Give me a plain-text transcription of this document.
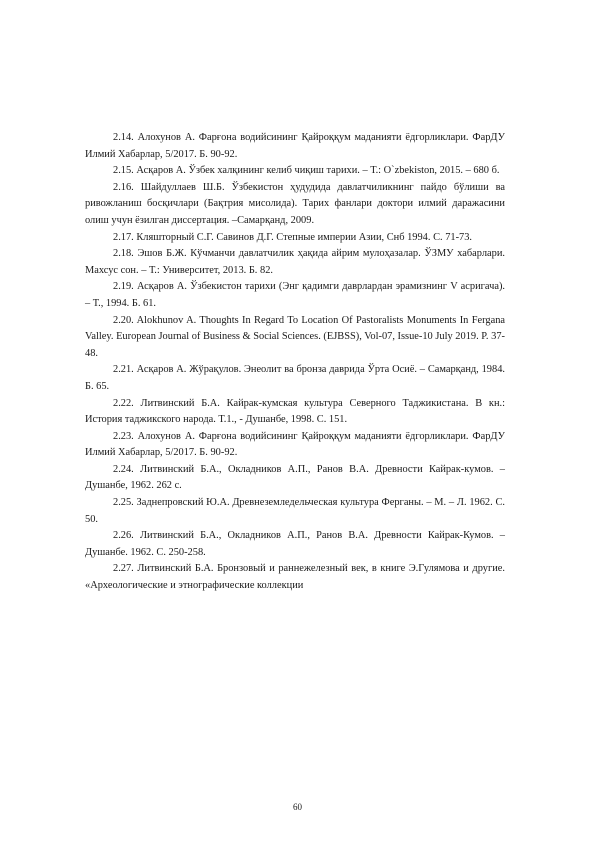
2.14. Алохунов А. Фарғона водийсининг Қайроққум маданияти ёдгорликлари. ФарДУ Илмий Хабарлар, 5/2017. Б. 90-92.

2.15. Асқаров А. Ўзбек халқининг келиб чиқиш тарихи. – Т.: O`zbekiston, 2015. – 680 б.

2.16. Шайдуллаев Ш.Б. Ўзбекистон ҳудудида давлатчиликнинг пайдо бўлиши ва ривожланиш босқичлари (Бақтрия мисолида). Тарих фанлари доктори илмий даражасини олиш учун ёзилган диссертация. –Самарқанд, 2009.

2.17. Кляшторный С.Г. Савинов Д.Г. Степные империи Азии, Снб 1994. С. 71-73.

2.18. Эшов Б.Ж. Кўчманчи давлатчилик ҳақида айрим мулоҳазалар. ЎЗМУ хабарлари. Махсус сон. – Т.: Университет, 2013. Б. 82.

2.19. Асқаров А. Ўзбекистон тарихи (Энг қадимги даврлардан эрамизнинг V асригача). – Т., 1994. Б. 61.

2.20. Alokhunov A. Thoughts In Regard To Location Of Pastoralists Monuments In Fergana Valley. European Journal of Business & Social Sciences. (EJBSS), Vol-07, Issue-10 July 2019. P. 37-48.

2.21. Асқаров А. Жўрақулов. Энеолит ва бронза даврида Ўрта Осиё. – Самарқанд, 1984. Б. 65.

2.22. Литвинский Б.А. Кайрак-кумская культура Северного Таджикистана. В кн.: История таджикского народа. Т.1., - Душанбе, 1998. С. 151.

2.23. Алохунов А. Фарғона водийсининг Қайроққум маданияти ёдгорликлари. ФарДУ Илмий Хабарлар, 5/2017. Б. 90-92.

2.24. Литвинский Б.А., Окладников А.П., Ранов В.А. Древности Кайрак-кумов. – Душанбе, 1962. 262 с.

2.25. Заднепровский Ю.А. Древнеземледельческая культура Ферганы. – М. – Л. 1962. С. 50.

2.26. Литвинский Б.А., Окладников А.П., Ранов В.А. Древности Кайрак-Кумов. – Душанбе. 1962. С. 250-258.

2.27. Литвинский Б.А. Бронзовый и раннежелезный век, в книге Э.Гулямова и другие. «Археологические и этнографические коллекции

60
